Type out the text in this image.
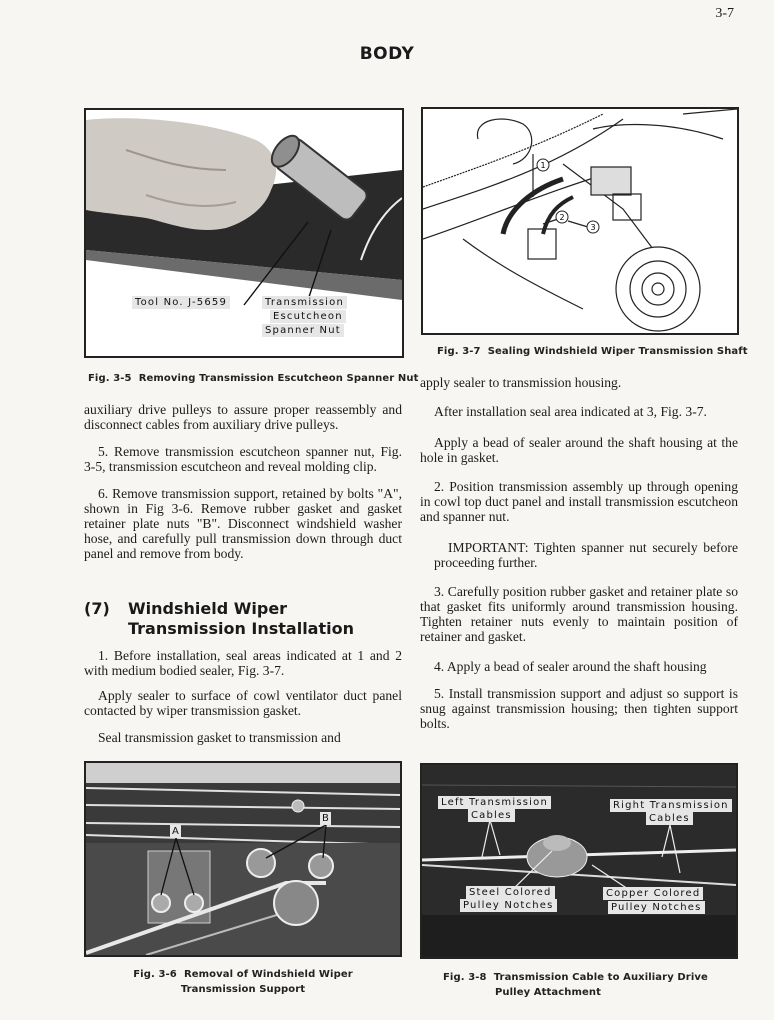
3-7
BODY
Tool No. J-5659	Transmission
Escutcheon
Spanner Nut
Fig. 3-5  Removing Transmission Escutcheon Spanner Nut
1
2
3
Fig. 3-7  Sealing Windshield Wiper Transmission Shaft

auxiliary drive pulleys to assure proper reassembly and disconnect cables from auxiliary drive pulleys.

5. Remove transmission escutcheon spanner nut, Fig. 3-5, transmission escutcheon and reveal molding clip.

6. Remove transmission support, retained by bolts "A", shown in Fig 3-6. Remove rubber gasket and gasket retainer plate nuts "B". Disconnect windshield washer hose, and carefully pull transmission down through duct panel and remove from body.

(7) Windshield Wiper
Transmission Installation

1. Before installation, seal areas indicated at 1 and 2 with medium bodied sealer, Fig. 3-7.

Apply sealer to surface of cowl ventilator duct panel contacted by wiper transmission gasket.

Seal transmission gasket to transmission and

apply sealer to transmission housing.

After installation seal area indicated at 3, Fig. 3-7.

Apply a bead of sealer around the shaft housing at the hole in gasket.

2. Position transmission assembly up through opening in cowl top duct panel and install transmission escutcheon and spanner nut.

IMPORTANT: Tighten spanner nut securely before proceeding further.

3. Carefully position rubber gasket and retainer plate so that gasket fits uniformly around transmission housing. Tighten retainer nuts evenly to maintain position of retainer and gasket.

4. Apply a bead of sealer around the shaft housing

5. Install transmission support and adjust so support is snug against transmission housing; then tighten support bolts.

A
B
Fig. 3-6  Removal of Windshield Wiper
Transmission Support
Left Transmission
Cables
Right Transmission
Cables
Steel Colored
Pulley Notches
Copper Colored
Pulley Notches
Fig. 3-8  Transmission Cable to Auxiliary Drive
Pulley Attachment
